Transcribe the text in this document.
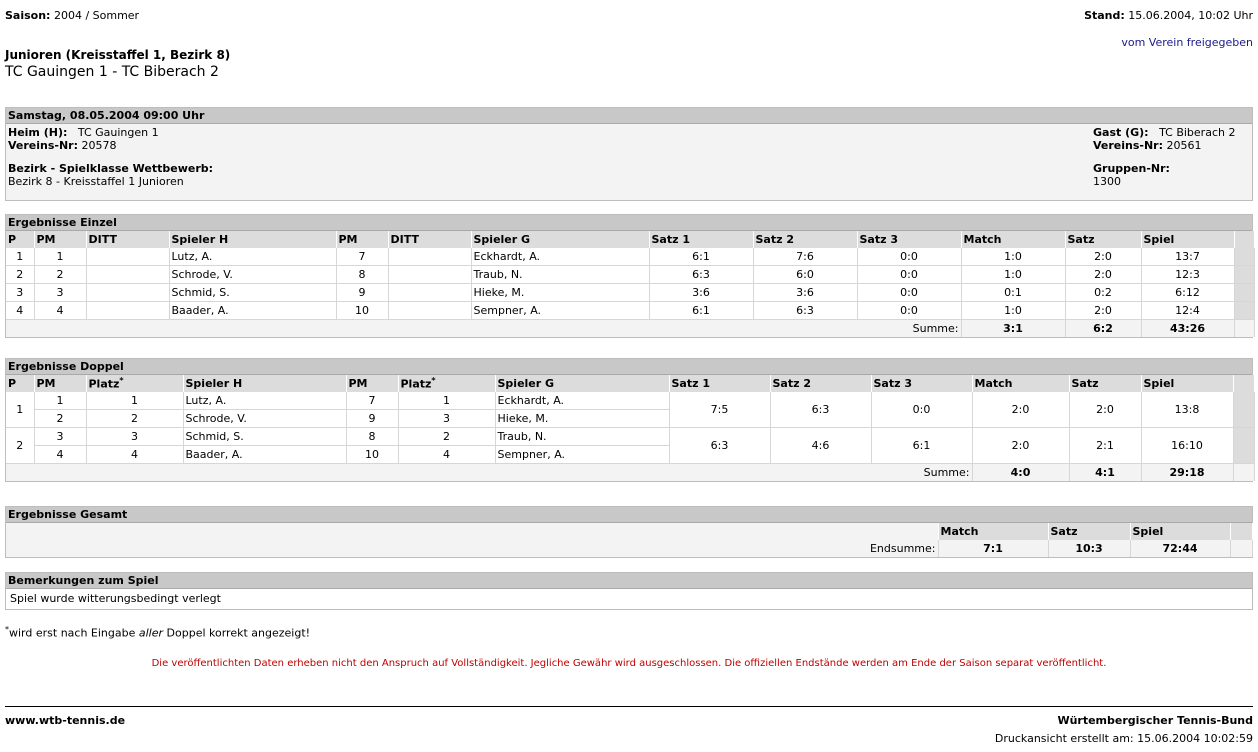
Saison: 2004 / Sommer	Stand: 15.06.2004, 10:02 Uhr
vom Verein freigegeben
Junioren (Kreisstaffel 1, Bezirk 8)
TC Gauingen 1 - TC Biberach 2
Samstag, 08.05.2004 09:00 Uhr
Heim (H): TC Gauingen 1
Vereins-Nr: 20578
Bezirk - Spielklasse Wettbewerb:
Bezirk 8 - Kreisstaffel 1 Junioren
Gast (G): TC Biberach 2
Vereins-Nr: 20561
Gruppen-Nr:
1300
Ergebnisse Einzel
P	PM	DITT	Spieler H	PM	DITT	Spieler G	Satz 1	Satz 2	Satz 3	Match	Satz	Spiel	
1	1		Lutz, A.	7		Eckhardt, A.	6:1	7:6	0:0	1:0	2:0	13:7	
2	2		Schrode, V.	8		Traub, N.	6:3	6:0	0:0	1:0	2:0	12:3	
3	3		Schmid, S.	9		Hieke, M.	3:6	3:6	0:0	0:1	0:2	6:12	
4	4		Baader, A.	10		Sempner, A.	6:1	6:3	0:0	1:0	2:0	12:4	
Summe:										3:1	6:2	43:26	
Ergebnisse Doppel
P	PM	Platz*	Spieler H	PM	Platz*	Spieler G	Satz 1	Satz 2	Satz 3	Match	Satz	Spiel	
1	1	1	Lutz, A.	7	1	Eckhardt, A.	7:5	6:3	0:0	2:0	2:0	13:8	
	2	2	Schrode, V.	9	3	Hieke, M.							
2	3	3	Schmid, S.	8	2	Traub, N.	6:3	4:6	6:1	2:0	2:1	16:10	
	4	4	Baader, A.	10	4	Sempner, A.							
Summe:										4:0	4:1	29:18	
Ergebnisse Gesamt
	Match	Satz	Spiel	
Endsumme:	7:1	10:3	72:44	
Bemerkungen zum Spiel
Spiel wurde witterungsbedingt verlegt
*wird erst nach Eingabe aller Doppel korrekt angezeigt!
Die veröffentlichten Daten erheben nicht den Anspruch auf Vollständigkeit. Jegliche Gewähr wird ausgeschlossen. Die offiziellen Endstände werden am Ende der Saison separat veröffentlicht.
www.wtb-tennis.de	Würtembergischer Tennis-Bund
Druckansicht erstellt am: 15.06.2004 10:02:59
